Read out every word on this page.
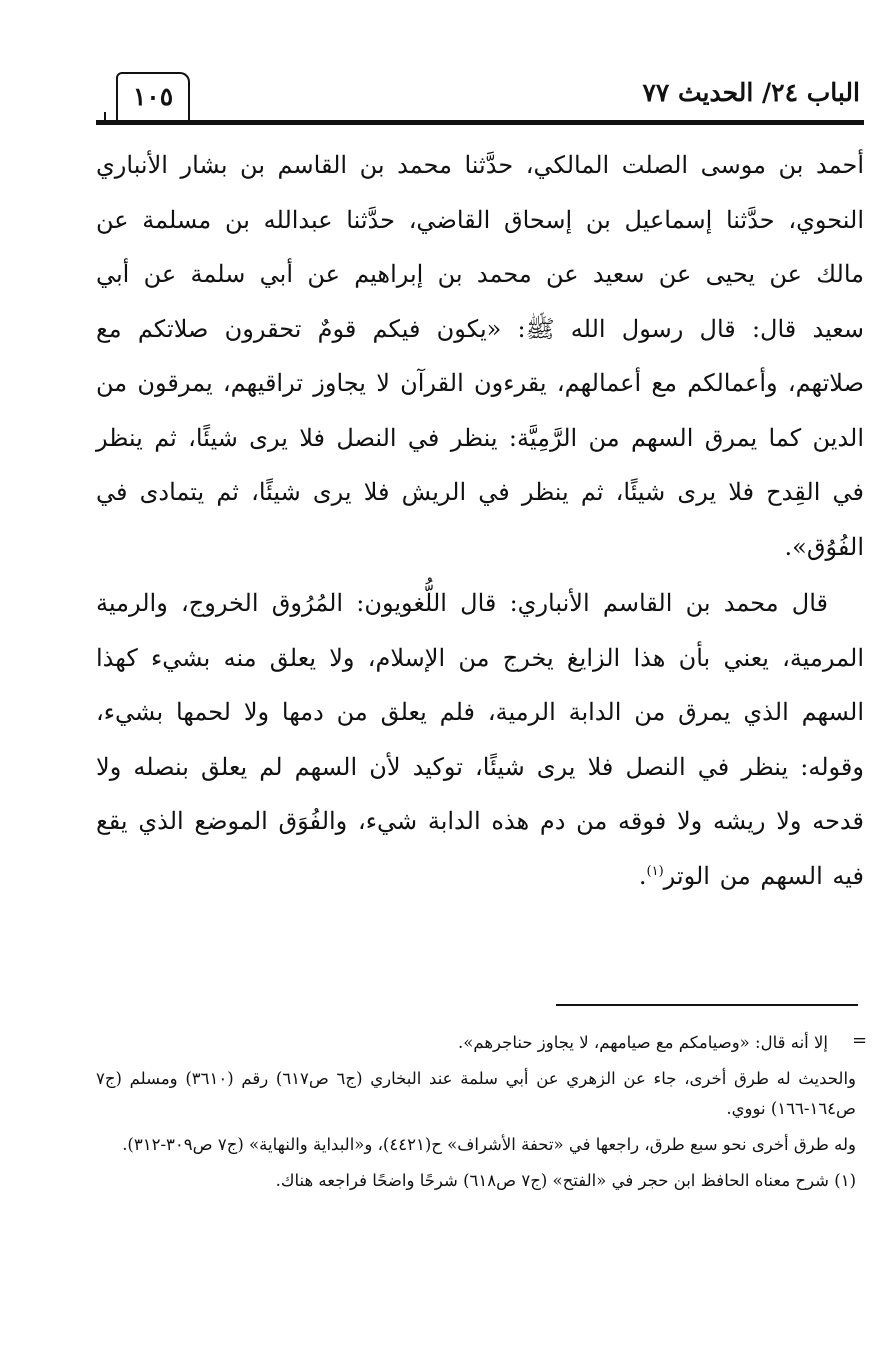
الباب ٢٤/ الحديث ٧٧
١٠٥

أحمد بن موسى الصلت المالكي، حدَّثنا محمد بن القاسم بن بشار الأنباري النحوي، حدَّثنا إسماعيل بن إسحاق القاضي، حدَّثنا عبدالله بن مسلمة عن مالك عن يحيى عن سعيد عن محمد بن إبراهيم عن أبي سلمة عن أبي سعيد قال: قال رسول الله ﷺ: «يكون فيكم قومٌ تحقرون صلاتكم مع صلاتهم، وأعمالكم مع أعمالهم، يقرءون القرآن لا يجاوز تراقيهم، يمرقون من الدين كما يمرق السهم من الرَّمِيَّة: ينظر في النصل فلا يرى شيئًا، ثم ينظر في القِدح فلا يرى شيئًا، ثم ينظر في الريش فلا يرى شيئًا، ثم يتمادى في الفُوُق».

قال محمد بن القاسم الأنباري: قال اللُّغويون: المُرُوق الخروج، والرمية المرمية، يعني بأن هذا الزايغ يخرج من الإسلام، ولا يعلق منه بشيء كهذا السهم الذي يمرق من الدابة الرمية، فلم يعلق من دمها ولا لحمها بشيء، وقوله: ينظر في النصل فلا يرى شيئًا، توكيد لأن السهم لم يعلق بنصله ولا قدحه ولا ريشه ولا فوقه من دم هذه الدابة شيء، والفُوَق الموضع الذي يقع فيه السهم من الوتر$^{(١)}$.

=

إلا أنه قال: «وصيامكم مع صيامهم، لا يجاوز حناجرهم».

والحديث له طرق أخرى، جاء عن الزهري عن أبي سلمة عند البخاري (ج٦ ص٦١٧) رقم (٣٦١٠) ومسلم (ج٧ ص١٦٤-١٦٦) نووي.

وله طرق أخرى نحو سبع طرق، راجعها في «تحفة الأشراف» ح(٤٤٢١)، و«البداية والنهاية» (ج٧ ص٣٠٩-٣١٢).

(١) شرح معناه الحافظ ابن حجر في «الفتح» (ج٧ ص٦١٨) شرحًا واضحًا فراجعه هناك.
